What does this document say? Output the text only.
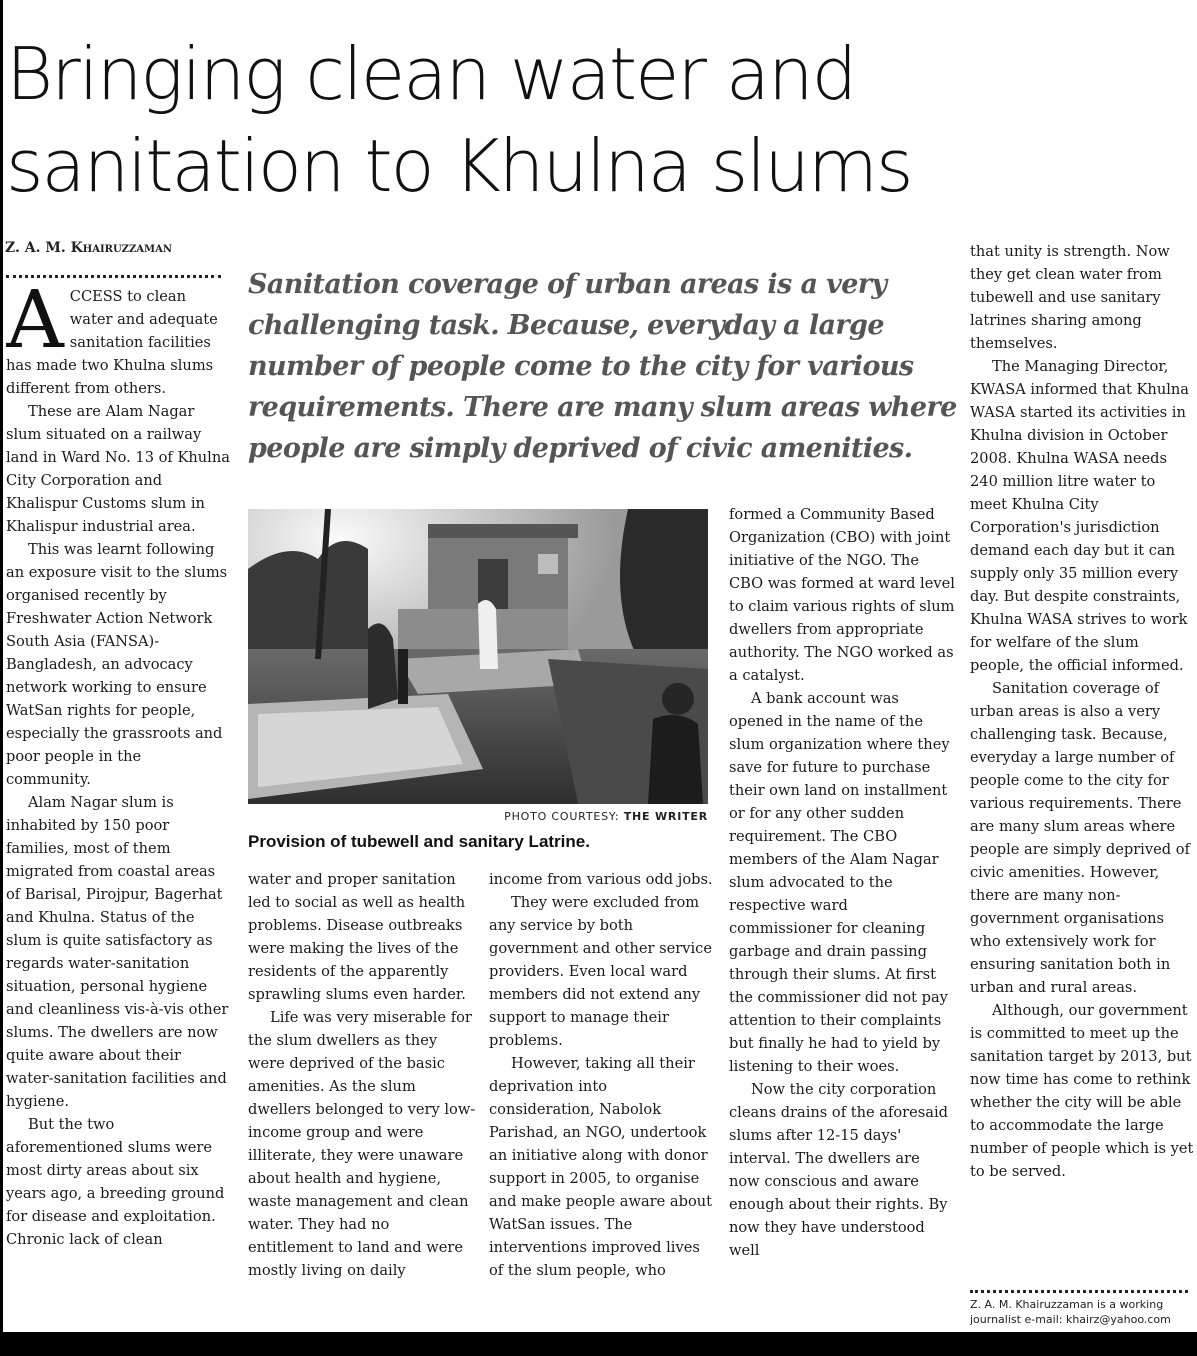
Bringing clean water and sanitation to Khulna slums
Z. A. M. Khairuzzaman

Sanitation coverage of urban areas is a very challenging task. Because, everyday a large number of people come to the city for various requirements. There are many slum areas where people are simply deprived of civic amenities.

ACCESS to clean water and adequate sanitation facilities has made two Khulna slums different from others.

These are Alam Nagar slum situated on a railway land in Ward No. 13 of Khulna City Corporation and Khalispur Customs slum in Khalispur industrial area.

This was learnt following an exposure visit to the slums organised recently by Freshwater Action Network South Asia (FANSA)-Bangladesh, an advocacy network working to ensure WatSan rights for people, especially the grassroots and poor people in the community.

Alam Nagar slum is inhabited by 150 poor families, most of them migrated from coastal areas of Barisal, Pirojpur, Bagerhat and Khulna. Status of the slum is quite satisfactory as regards water-sanitation situation, personal hygiene and cleanliness vis-à-vis other slums. The dwellers are now quite aware about their water-sanitation facilities and hygiene.

But the two aforementioned slums were most dirty areas about six years ago, a breeding ground for disease and exploitation. Chronic lack of clean

PHOTO COURTESY: THE WRITER

Provision of tubewell and sanitary Latrine.

water and proper sanitation led to social as well as health problems. Disease outbreaks were making the lives of the residents of the apparently sprawling slums even harder.

Life was very miserable for the slum dwellers as they were deprived of the basic amenities. As the slum dwellers belonged to very low-income group and were illiterate, they were unaware about health and hygiene, waste management and clean water. They had no entitlement to land and were mostly living on daily

income from various odd jobs.

They were excluded from any service by both government and other service providers. Even local ward members did not extend any support to manage their problems.

However, taking all their deprivation into consideration, Nabolok Parishad, an NGO, undertook an initiative along with donor support in 2005, to organise and make people aware about WatSan issues. The interventions improved lives of the slum people, who

formed a Community Based Organization (CBO) with joint initiative of the NGO. The CBO was formed at ward level to claim various rights of slum dwellers from appropriate authority. The NGO worked as a catalyst.

A bank account was opened in the name of the slum organization where they save for future to purchase their own land on installment or for any other sudden requirement. The CBO members of the Alam Nagar slum advocated to the respective ward commissioner for cleaning garbage and drain passing through their slums. At first the commissioner did not pay attention to their complaints but finally he had to yield by listening to their woes.

Now the city corporation cleans drains of the aforesaid slums after 12-15 days' interval. The dwellers are now conscious and aware enough about their rights. By now they have understood well

that unity is strength. Now they get clean water from tubewell and use sanitary latrines sharing among themselves.

The Managing Director, KWASA informed that Khulna WASA started its activities in Khulna division in October 2008. Khulna WASA needs 240 million litre water to meet Khulna City Corporation's jurisdiction demand each day but it can supply only 35 million every day. But despite constraints, Khulna WASA strives to work for welfare of the slum people, the official informed.

Sanitation coverage of urban areas is also a very challenging task. Because, everyday a large number of people come to the city for various requirements. There are many slum areas where people are simply deprived of civic amenities. However, there are many non-government organisations who extensively work for ensuring sanitation both in urban and rural areas.

Although, our government is committed to meet up the sanitation target by 2013, but now time has come to rethink whether the city will be able to accommodate the large number of people which is yet to be served.

Z. A. M. Khairuzzaman is a working journalist e-mail: khairz@yahoo.com
